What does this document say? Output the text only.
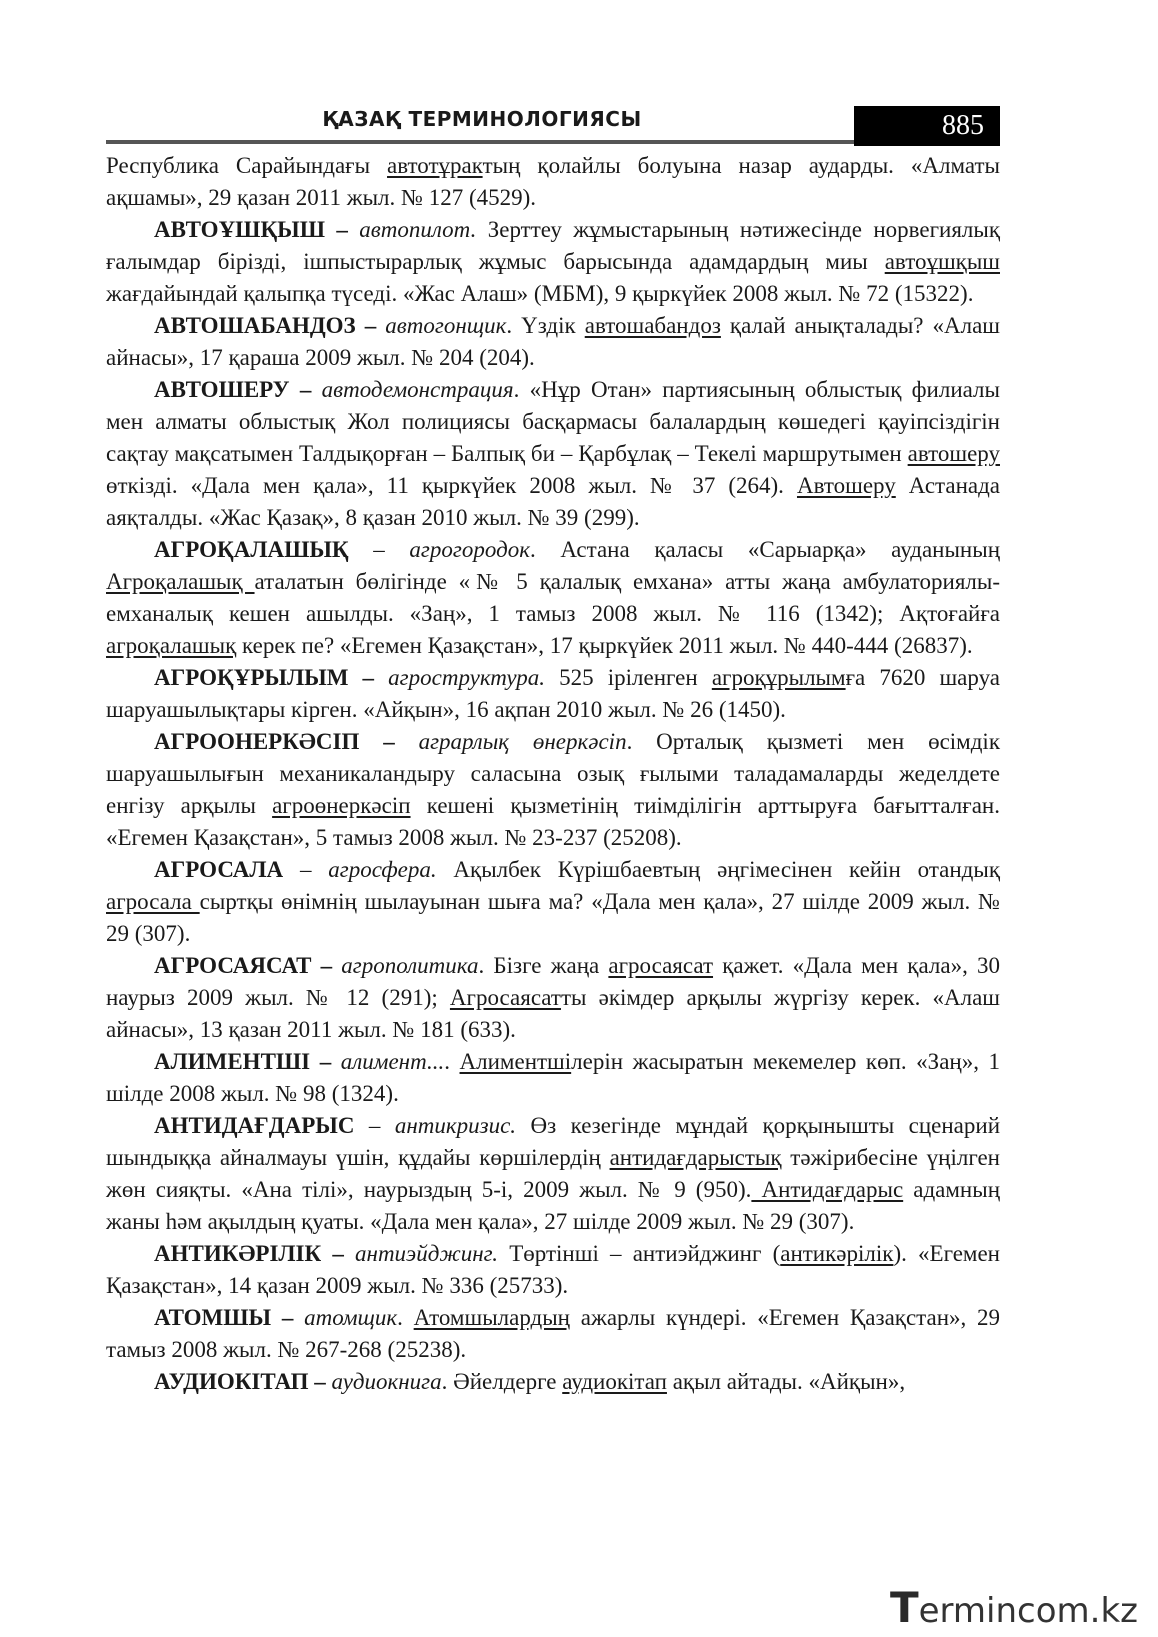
ҚАЗАҚ ТЕРМИНОЛОГИЯСЫ	885

Республика Сарайындағы автотұрактың қолайлы болуына назар аударды. «Алматы ақшамы», 29 қазан 2011 жыл. № 127 (4529).

АВТОҰШҚЫШ – автопилот. Зерттеу жұмыстарының нәтижесінде норвегиялық ғалымдар бірізді, ішпыстырарлық жұмыс барысында адамдардың миы автоұшқыш жағдайындай қалыпқа түседі. «Жас Алаш» (МБМ), 9 қыркүйек 2008 жыл. № 72 (15322).

АВТОШАБАНДОЗ – автогонщик. Үздік автошабандоз қалай анықталады? «Алаш айнасы», 17 қараша 2009 жыл. № 204 (204).

АВТОШЕРУ – автодемонстрация. «Нұр Отан» партиясының облыстық филиалы мен алматы облыстық Жол полициясы басқармасы балалардың көшедегі қауіпсіздігін сақтау мақсатымен Талдықорған – Балпық би – Қарбұлақ – Текелі маршрутымен автошеру өткізді. «Дала мен қала», 11 қыркүйек 2008 жыл. № 37 (264). Автошеру Астанада аяқталды. «Жас Қазақ», 8 қазан 2010 жыл. № 39 (299).

АГРОҚАЛАШЫҚ – агрогородок. Астана қаласы «Сарыарқа» ауданының Агроқалашық аталатын бөлігінде «№ 5 қалалық емхана» атты жаңа амбулаториялы-емханалық кешен ашылды. «Заң», 1 тамыз 2008 жыл. № 116 (1342); Ақтоғайға агроқалашық керек пе? «Егемен Қазақстан», 17 қыркүйек 2011 жыл. № 440-444 (26837).

АГРОҚҰРЫЛЫМ – агроструктура. 525 іріленген агроқұрылымға 7620 шаруа шаруашылықтары кірген. «Айқын», 16 ақпан 2010 жыл. № 26 (1450).

АГРООНЕРКӘСІП – аграрлық өнеркәсіп. Орталық қызметі мен өсімдік шаруашылығын механикаландыру саласына озық ғылыми таладамаларды жеделдете енгізу арқылы агроөнеркәсіп кешені қызметінің тиімділігін арттыруға бағытталған. «Егемен Қазақстан», 5 тамыз 2008 жыл. № 23-237 (25208).

АГРОСАЛА – агросфера. Ақылбек Күрішбаевтың әңгімесінен кейін отандық агросала сыртқы өнімнің шылауынан шыға ма? «Дала мен қала», 27 шілде 2009 жыл. № 29 (307).

АГРОСАЯСАТ – агрополитика. Бізге жаңа агросаясат қажет. «Дала мен қала», 30 наурыз 2009 жыл. № 12 (291); Агросаясатты әкімдер арқылы жүргізу керек. «Алаш айнасы», 13 қазан 2011 жыл. № 181 (633).

АЛИМЕНТШІ – алимент.... Алиментшілерін жасыратын мекемелер көп. «Заң», 1 шілде 2008 жыл. № 98 (1324).

АНТИДАҒДАРЫС – антикризис. Өз кезегінде мұндай қорқынышты сценарий шындыққа айналмауы үшін, құдайы көршілердің антидағдарыстық тәжірибесіне үңілген жөн сияқты. «Ана тілі», наурыздың 5-і, 2009 жыл. № 9 (950). Антидағдарыс адамның жаны һәм ақылдың қуаты. «Дала мен қала», 27 шілде 2009 жыл. № 29 (307).

АНТИКӘРІЛІК – антиэйджинг. Төртінші – антиэйджинг (антикәрілік). «Егемен Қазақстан», 14 қазан 2009 жыл. № 336 (25733).

АТОМШЫ – атомщик. Атомшылардың ажарлы күндері. «Егемен Қазақстан», 29 тамыз 2008 жыл. № 267-268 (25238).

АУДИОКІТАП – аудиокнига. Әйелдерге аудиокітап ақыл айтады. «Айқын»,

Termincom.kz
